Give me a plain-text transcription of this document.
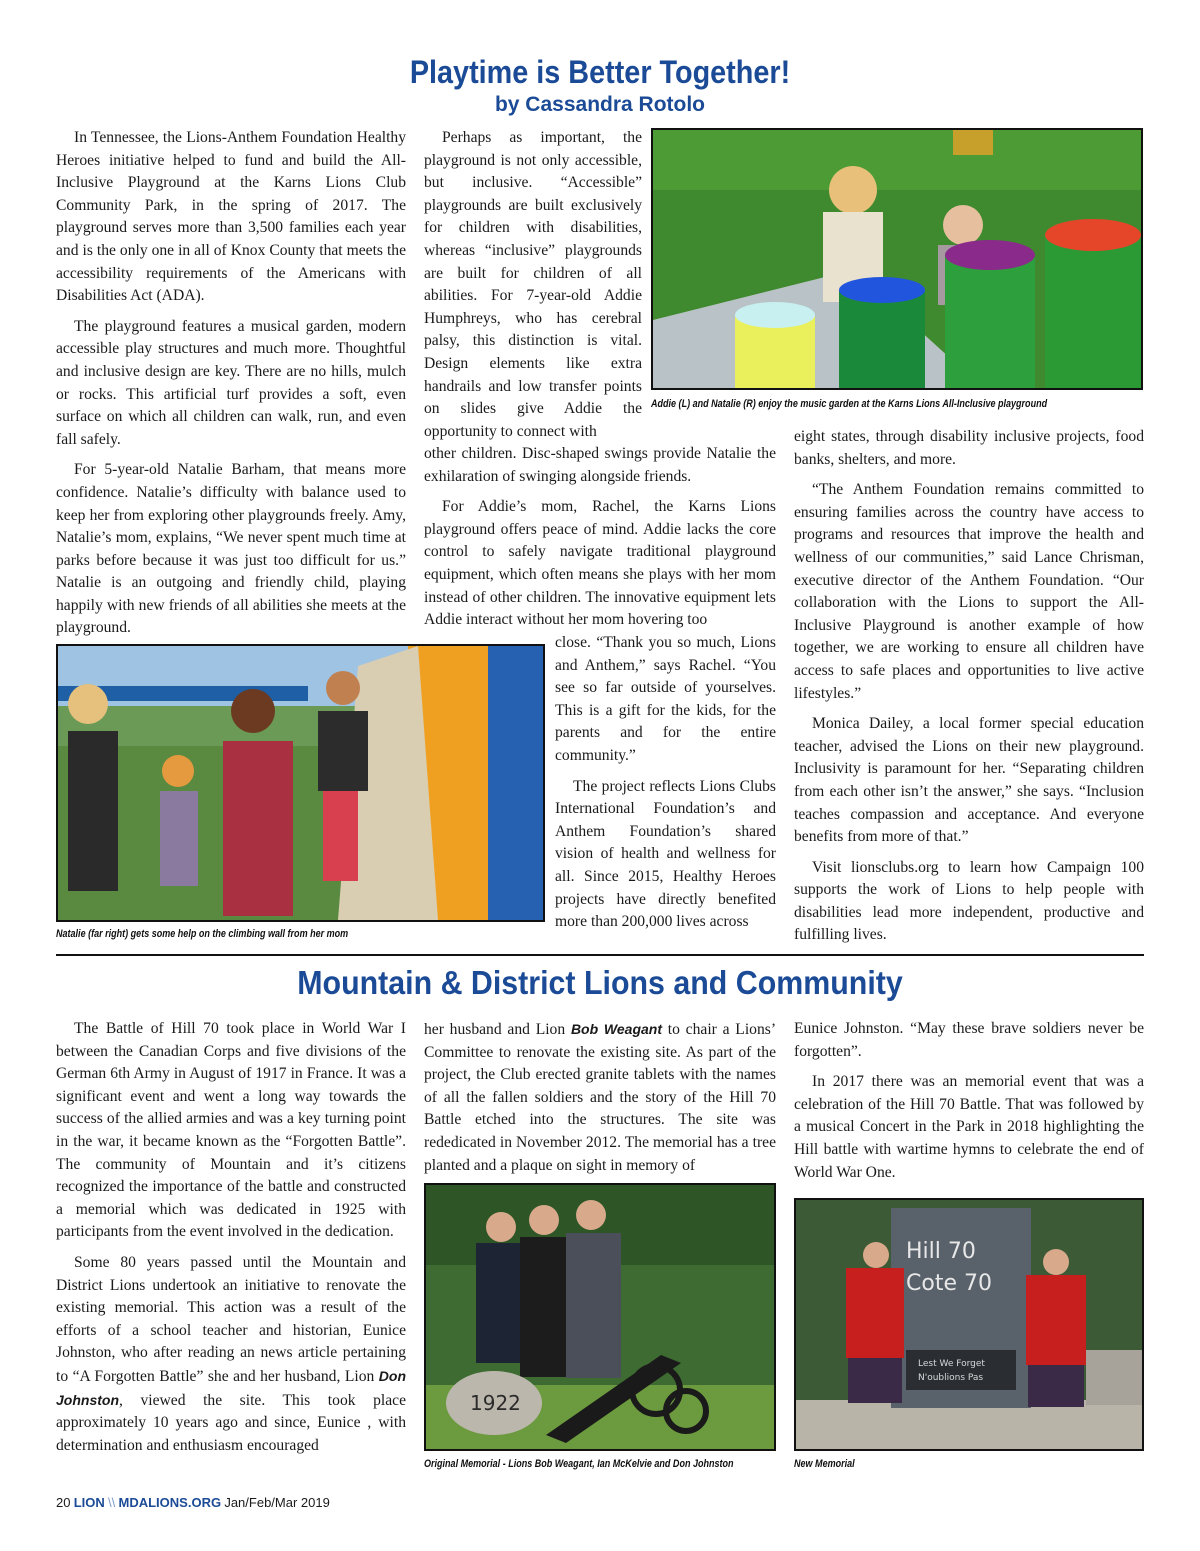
Playtime is Better Together!
by Cassandra Rotolo

In Tennessee, the Lions-Anthem Foundation Healthy Heroes initiative helped to fund and build the All-Inclusive Playground at the Karns Lions Club Community Park, in the spring of 2017. The playground serves more than 3,500 families each year and is the only one in all of Knox County that meets the accessibility requirements of the Americans with Disabilities Act (ADA).

The playground features a musical garden, modern accessible play structures and much more. Thoughtful and inclusive design are key. There are no hills, mulch or rocks. This artificial turf provides a soft, even surface on which all children can walk, run, and even fall safely.

For 5-year-old Natalie Barham, that means more confidence. Natalie’s difficulty with balance used to keep her from exploring other playgrounds freely. Amy, Natalie’s mom, explains, “We never spent much time at parks before because it was just too difficult for us.” Natalie is an outgoing and friendly child, playing happily with new friends of all abilities she meets at the playground.

Perhaps as important, the playground is not only accessible, but inclusive. “Accessible” playgrounds are built exclusively for children with disabilities, whereas “inclusive” playgrounds are built for children of all abilities. For 7-year-old Addie Humphreys, who has cerebral palsy, this distinction is vital. Design elements like extra handrails and low transfer points on slides give Addie the opportunity to connect with

other children. Disc-shaped swings provide Natalie the exhilaration of swinging alongside friends.

For Addie’s mom, Rachel, the Karns Lions playground offers peace of mind. Addie lacks the core control to safely navigate traditional playground equipment, which often means she plays with her mom instead of other children. The innovative equipment lets Addie interact without her mom hovering too

close. “Thank you so much, Lions and Anthem,” says Rachel. “You see so far outside of yourselves. This is a gift for the kids, for the parents and for the entire community.”

The project reflects Lions Clubs International Foundation’s and Anthem Foundation’s shared vision of health and wellness for all. Since 2015, Healthy Heroes projects have directly benefited more than 200,000 lives across

eight states, through disability inclusive projects, food banks, shelters, and more.

“The Anthem Foundation remains committed to ensuring families across the country have access to programs and resources that improve the health and wellness of our communities,” said Lance Chrisman, executive director of the Anthem Foundation. “Our collaboration with the Lions to support the All-Inclusive Playground is another example of how together, we are working to ensure all children have access to safe places and opportunities to live active lifestyles.”

Monica Dailey, a local former special education teacher, advised the Lions on their new playground. Inclusivity is paramount for her. “Separating children from each other isn’t the answer,” she says. “Inclusion teaches compassion and acceptance. And everyone benefits from more of that.”

Visit lionsclubs.org to learn how Campaign 100 supports the work of Lions to help people with disabilities lead more independent, productive and fulfilling lives.

Addie (L) and Natalie (R) enjoy the music garden at the Karns Lions All-Inclusive playground
Natalie (far right) gets some help on the climbing wall from her mom
Mountain & District Lions and Community

The Battle of Hill 70 took place in World War I between the Canadian Corps and five divisions of the German 6th Army in August of 1917 in France. It was a significant event and went a long way towards the success of the allied armies and was a key turning point in the war, it became known as the “Forgotten Battle”. The community of Mountain and it’s citizens recognized the importance of the battle and constructed a memorial which was dedicated in 1925 with participants from the event involved in the dedication.

Some 80 years passed until the Mountain and District Lions undertook an initiative to renovate the existing memorial. This action was a result of the efforts of a school teacher and historian, Eunice Johnston, who after reading an news article pertaining to “A Forgotten Battle” she and her husband, Lion Don Johnston, viewed the site. This took place approximately 10 years ago and since, Eunice , with determination and enthusiasm encouraged

her husband and Lion Bob Weagant to chair a Lions’ Committee to renovate the existing site. As part of the project, the Club erected granite tablets with the names of all the fallen soldiers and the story of the Hill 70 Battle etched into the structures. The site was rededicated in November 2012. The memorial has a tree planted and a plaque on sight in memory of

Eunice Johnston. “May these brave soldiers never be forgotten”.

In 2017 there was an memorial event that was a celebration of the Hill 70 Battle. That was followed by a musical Concert in the Park in 2018 highlighting the Hill battle with wartime hymns to celebrate the end of World War One.

1922
Original Memorial - Lions Bob Weagant, Ian McKelvie and Don Johnston
Hill 70
Cote 70
Lest We Forget
N'oublions Pas
New Memorial
20 LION \\ MDALIONS.ORG Jan/Feb/Mar 2019
